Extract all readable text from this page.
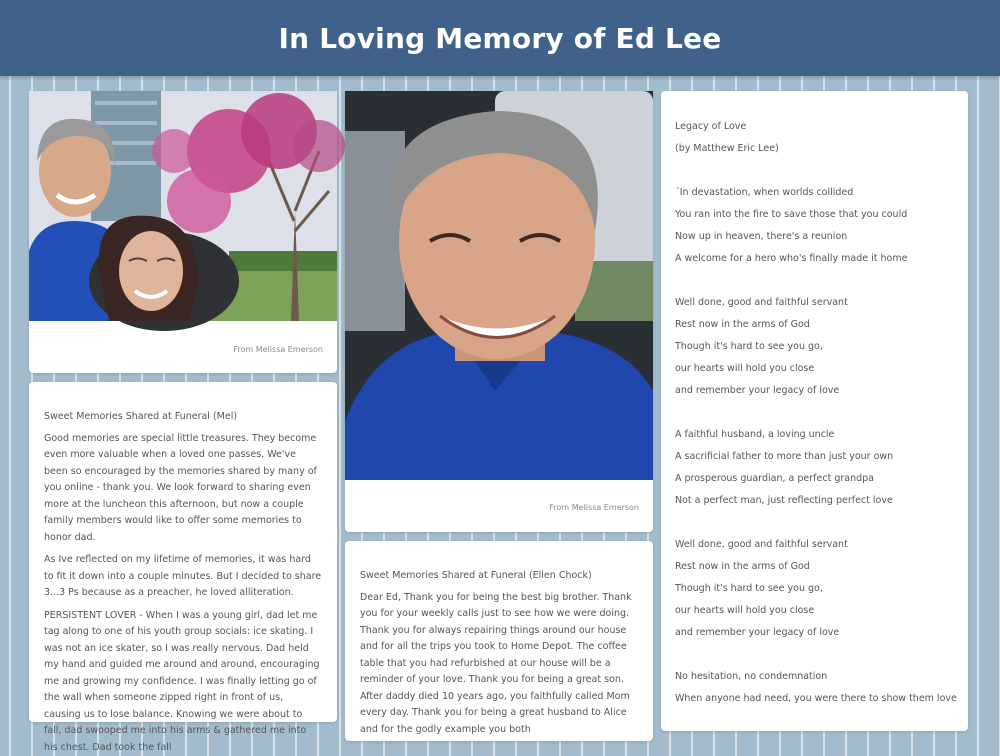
In Loving Memory of Ed Lee
From Melissa Emerson
Sweet Memories Shared at Funeral (Mel)

Good memories are special little treasures. They become even more valuable when a loved one passes. We've been so encouraged by the memories shared by many of you online - thank you. We look forward to sharing even more at the luncheon this afternoon, but now a couple family members would like to offer some memories to honor dad.

As Ive reflected on my lifetime of memories, it was hard to fit it down into a couple minutes. But I decided to share 3...3 Ps because as a preacher, he loved alliteration.

PERSISTENT LOVER - When I was a young girl, dad let me tag along to one of his youth group socials: ice skating. I was not an ice skater, so I was really nervous. Dad held my hand and guided me around and around, encouraging me and growing my confidence. I was finally letting go of the wall when someone zipped right in front of us, causing us to lose balance. Knowing we were about to fall, dad swooped me into his arms & gathered me into his chest. Dad took the fall

From Melissa Emerson
Sweet Memories Shared at Funeral (Ellen Chock)

Dear Ed, Thank you for being the best big brother. Thank you for your weekly calls just to see how we were doing. Thank you for always repairing things around our house and for all the trips you took to Home Depot. The coffee table that you had refurbished at our house will be a reminder of your love. Thank you for being a great son. After daddy died 10 years ago, you faithfully called Mom every day. Thank you for being a great husband to Alice and for the godly example you both

Legacy of Love
(by Matthew Eric Lee)
´In devastation, when worlds collided
You ran into the fire to save those that you could
Now up in heaven, there's a reunion
A welcome for a hero who's finally made it home
Well done, good and faithful servant
Rest now in the arms of God
Though it's hard to see you go,
our hearts will hold you close
and remember your legacy of love
A faithful husband, a loving uncle
A sacrificial father to more than just your own
A prosperous guardian, a perfect grandpa
Not a perfect man, just reflecting perfect love
Well done, good and faithful servant
Rest now in the arms of God
Though it's hard to see you go,
our hearts will hold you close
and remember your legacy of love
No hesitation, no condemnation
When anyone had need, you were there to show them love
